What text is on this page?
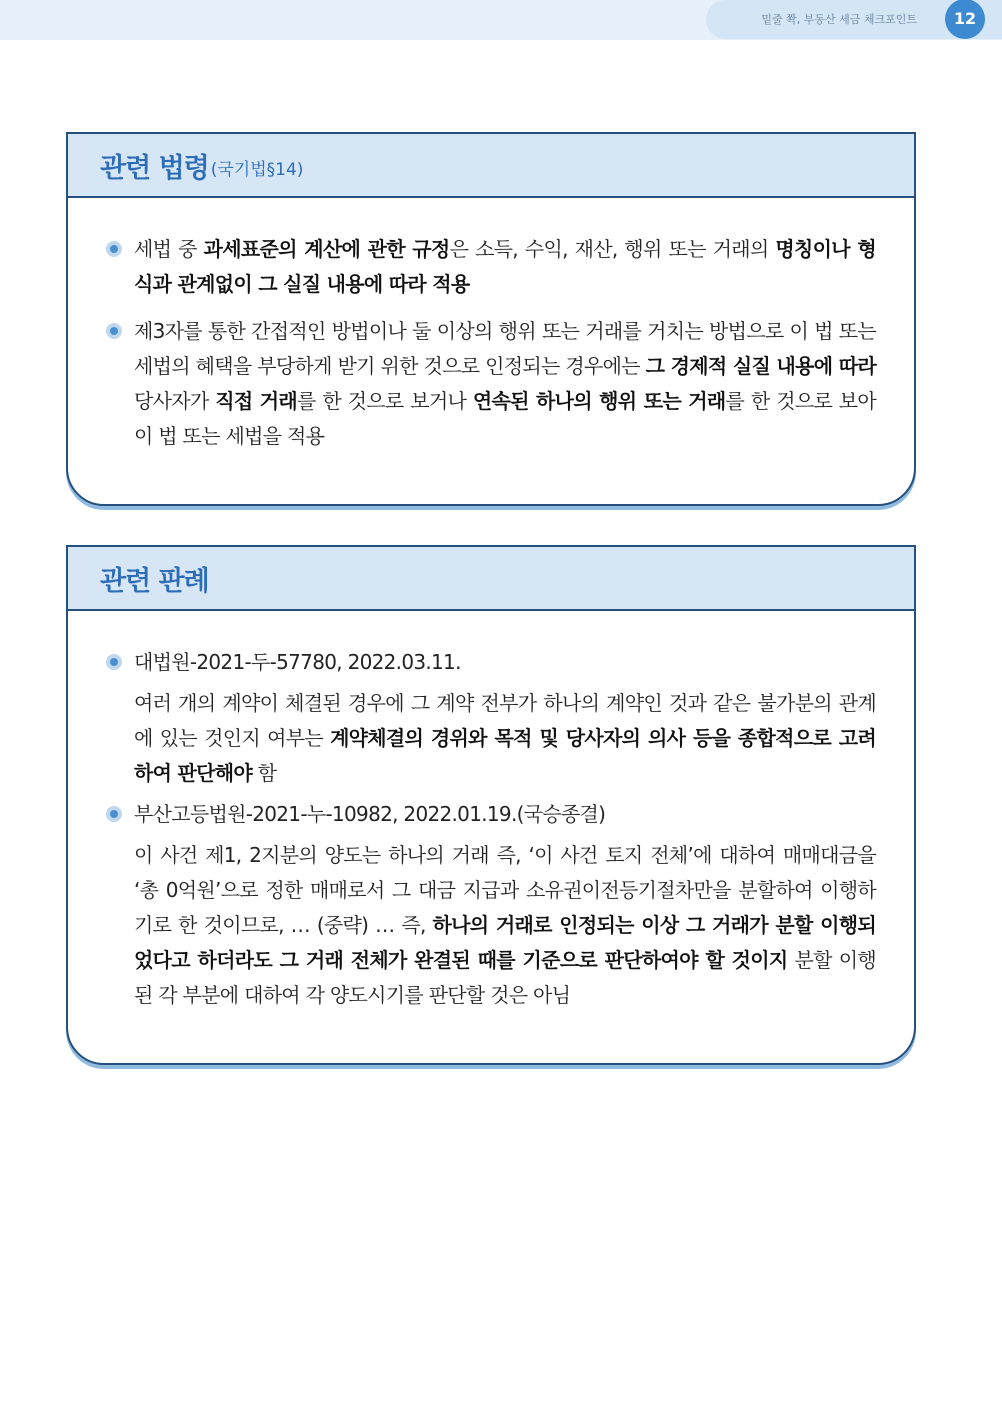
밑줄 쫙, 부동산 세금 체크포인트	12
관련 법령 (국기법§14)
세법 중 과세표준의 계산에 관한 규정은 소득, 수익, 재산, 행위 또는 거래의 명칭이나 형식과 관계없이 그 실질 내용에 따라 적용
제3자를 통한 간접적인 방법이나 둘 이상의 행위 또는 거래를 거치는 방법으로 이 법 또는 세법의 혜택을 부당하게 받기 위한 것으로 인정되는 경우에는 그 경제적 실질 내용에 따라 당사자가 직접 거래를 한 것으로 보거나 연속된 하나의 행위 또는 거래를 한 것으로 보아 이 법 또는 세법을 적용
관련 판례
대법원-2021-두-57780, 2022.03.11.
여러 개의 계약이 체결된 경우에 그 계약 전부가 하나의 계약인 것과 같은 불가분의 관계에 있는 것인지 여부는 계약체결의 경위와 목적 및 당사자의 의사 등을 종합적으로 고려하여 판단해야 함
부산고등법원-2021-누-10982, 2022.01.19.(국승종결)
이 사건 제1, 2지분의 양도는 하나의 거래 즉, ‘이 사건 토지 전체’에 대하여 매매대금을 ‘총 0억원’으로 정한 매매로서 그 대금 지급과 소유권이전등기절차만을 분할하여 이행하기로 한 것이므로, … (중략) … 즉, 하나의 거래로 인정되는 이상 그 거래가 분할 이행되었다고 하더라도 그 거래 전체가 완결된 때를 기준으로 판단하여야 할 것이지 분할 이행된 각 부분에 대하여 각 양도시기를 판단할 것은 아님
